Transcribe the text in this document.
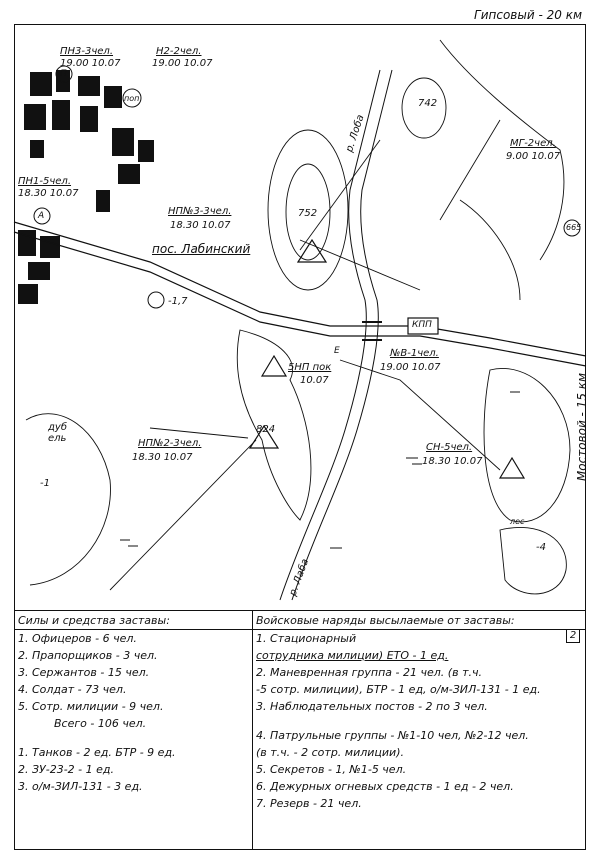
Гипсовый - 20 км
ПН3-3чел.
19.00 10.07
Н2-2чел.
19.00 10.07
ПН1-5чел.
18.30 10.07
НП№3-3чел.
18.30 10.07
пос. Лабинский
МГ-2чел.
9.00 10.07
5НП пок
10.07
№В-1чел.
19.00 10.07
НП№2-3чел.
18.30 10.07
СН-5чел.
18.30 10.07
р. Лоба
р. Лаба
КПП
752
742
824
665
дуб
ель
лес
П
поп
А
Е
-4
-1,7
-1
Мостовой - 15 км
Силы и средства заставы:
1. Офицеров - 6 чел.
2. Прапорщиков - 3 чел.
3. Сержантов - 15 чел.
4. Солдат - 73 чел.
5. Сотр. милиции - 9 чел.
Всего - 106 чел.
1. Танков - 2 ед. БТР - 9 ед.
2. ЗУ-23-2 - 1 ед.
3. о/м-ЗИЛ-131 - 3 ед.
Войсковые наряды высылаемые от заставы:
2
1. Стационарный
сотрудника милиции) ЕТО - 1 ед.
2. Маневренная группа - 21 чел. (в т.ч.
-5 сотр. милиции), БТР - 1 ед, о/м-ЗИЛ-131 - 1 ед.
3. Наблюдательных постов - 2 по 3 чел.
4. Патрульные группы - №1-10 чел, №2-12 чел.
(в т.ч. - 2 сотр. милиции).
5. Секретов - 1, №1-5 чел.
6. Дежурных огневых средств - 1 ед - 2 чел.
7. Резерв - 21 чел.
